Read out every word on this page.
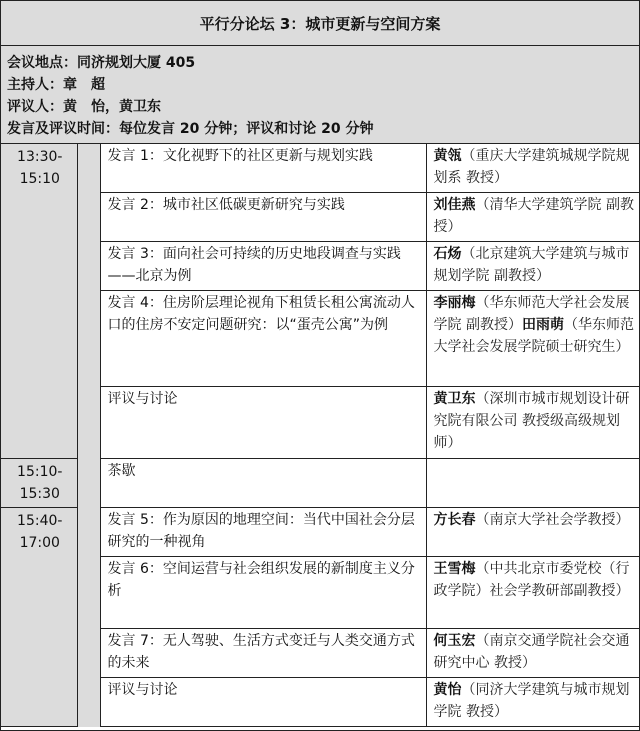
平行分论坛 3：城市更新与空间方案
会议地点：同济规划大厦 405
主持人：章　超
评议人：黄　怡，黄卫东
发言及评议时间：每位发言 20 分钟；评议和讨论 20 分钟
13:30-
15:10		发言 1：文化视野下的社区更新与规划实践	黄瓴（重庆大学建筑城规学院规划系 教授）
		发言 2：城市社区低碳更新研究与实践	刘佳燕（清华大学建筑学院 副教授）
		发言 3：面向社会可持续的历史地段调查与实践——北京为例	石炀（北京建筑大学建筑与城市规划学院 副教授）
		发言 4：住房阶层理论视角下租赁长租公寓流动人口的住房不安定问题研究：以“蛋壳公寓”为例	李丽梅（华东师范大学社会发展学院 副教授）田雨萌（华东师范大学社会发展学院硕士研究生）
		评议与讨论	黄卫东（深圳市城市规划设计研究院有限公司 教授级高级规划师）

15:10-
15:30		茶歇	

15:40-
17:00		发言 5：作为原因的地理空间：当代中国社会分层研究的一种视角	方长春（南京大学社会学教授）
		发言 6：空间运营与社会组织发展的新制度主义分析	王雪梅（中共北京市委党校（行政学院）社会学教研部副教授）
		发言 7：无人驾驶、生活方式变迁与人类交通方式的未来	何玉宏（南京交通学院社会交通研究中心 教授）
		评议与讨论	黄怡（同济大学建筑与城市规划学院 教授）
